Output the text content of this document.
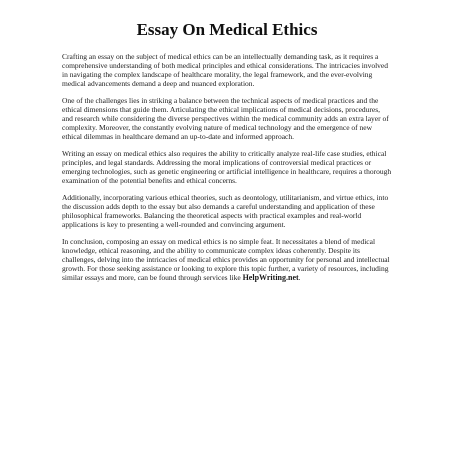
Essay On Medical Ethics

Crafting an essay on the subject of medical ethics can be an intellectually demanding task, as it requires a comprehensive understanding of both medical principles and ethical considerations. The intricacies involved in navigating the complex landscape of healthcare morality, the legal framework, and the ever-evolving medical advancements demand a deep and nuanced exploration.

One of the challenges lies in striking a balance between the technical aspects of medical practices and the ethical dimensions that guide them. Articulating the ethical implications of medical decisions, procedures, and research while considering the diverse perspectives within the medical community adds an extra layer of complexity. Moreover, the constantly evolving nature of medical technology and the emergence of new ethical dilemmas in healthcare demand an up-to-date and informed approach.

Writing an essay on medical ethics also requires the ability to critically analyze real-life case studies, ethical principles, and legal standards. Addressing the moral implications of controversial medical practices or emerging technologies, such as genetic engineering or artificial intelligence in healthcare, requires a thorough examination of the potential benefits and ethical concerns.

Additionally, incorporating various ethical theories, such as deontology, utilitarianism, and virtue ethics, into the discussion adds depth to the essay but also demands a careful understanding and application of these philosophical frameworks. Balancing the theoretical aspects with practical examples and real-world applications is key to presenting a well-rounded and convincing argument.

In conclusion, composing an essay on medical ethics is no simple feat. It necessitates a blend of medical knowledge, ethical reasoning, and the ability to communicate complex ideas coherently. Despite its challenges, delving into the intricacies of medical ethics provides an opportunity for personal and intellectual growth. For those seeking assistance or looking to explore this topic further, a variety of resources, including similar essays and more, can be found through services like HelpWriting.net.
